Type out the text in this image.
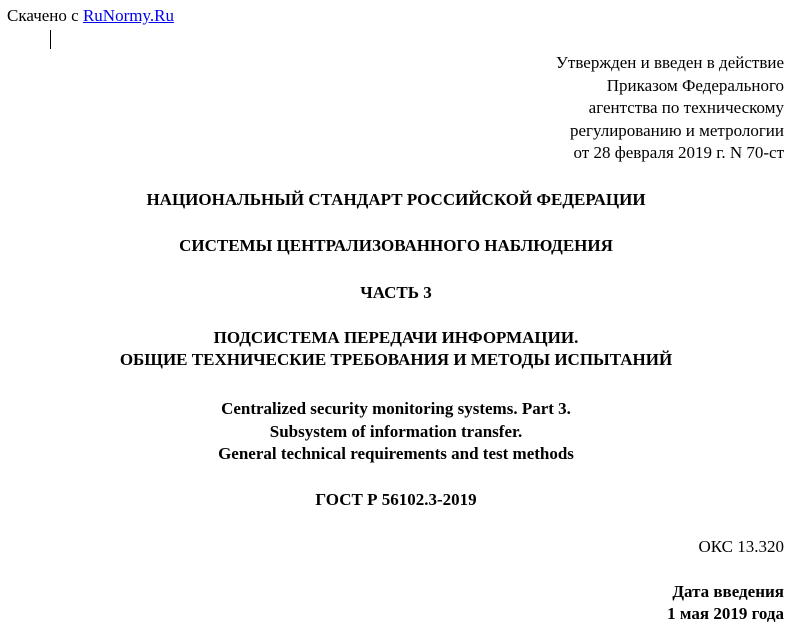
Скачено с RuNormy.Ru
Утвержден и введен в действие
Приказом Федерального
агентства по техническому
регулированию и метрологии
от 28 февраля 2019 г. N 70-ст
НАЦИОНАЛЬНЫЙ СТАНДАРТ РОССИЙСКОЙ ФЕДЕРАЦИИ
СИСТЕМЫ ЦЕНТРАЛИЗОВАННОГО НАБЛЮДЕНИЯ
ЧАСТЬ 3
ПОДСИСТЕМА ПЕРЕДАЧИ ИНФОРМАЦИИ.
ОБЩИЕ ТЕХНИЧЕСКИЕ ТРЕБОВАНИЯ И МЕТОДЫ ИСПЫТАНИЙ
Centralized security monitoring systems. Part 3.
Subsystem of information transfer.
General technical requirements and test methods
ГОСТ Р 56102.3-2019
ОКС 13.320
Дата введения
1 мая 2019 года
